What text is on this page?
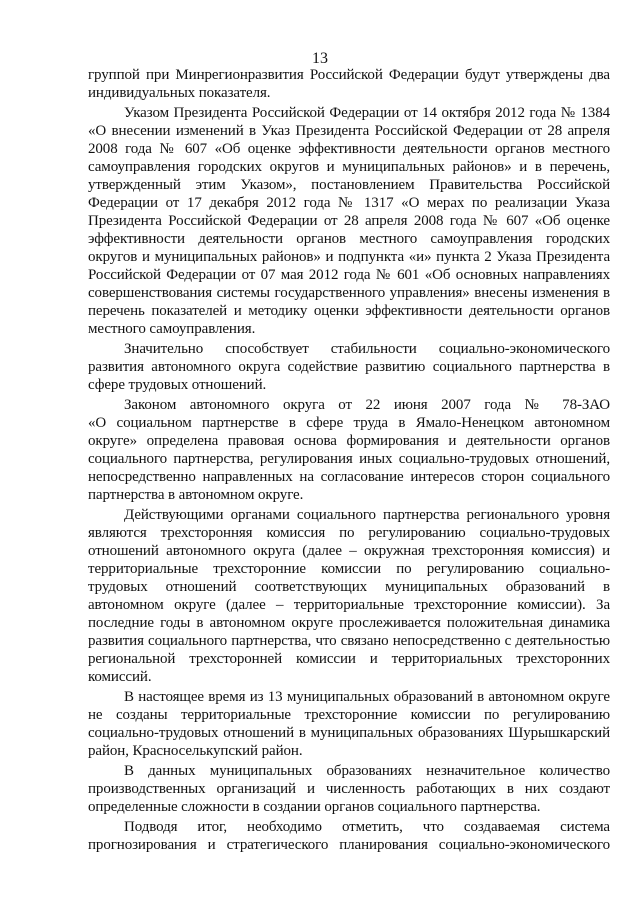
13
группой при Минрегионразвития Российской Федерации будут утверждены два
индивидуальных показателя.
Указом Президента Российской Федерации от 14 октября 2012 года № 1384
«О внесении изменений в Указ Президента Российской Федерации от 28 апреля
2008 года № 607 «Об оценке эффективности деятельности органов местного
самоуправления городских округов и муниципальных районов» и в перечень,
утвержденный этим Указом», постановлением Правительства Российской
Федерации от 17 декабря 2012 года № 1317 «О мерах по реализации Указа
Президента Российской Федерации от 28 апреля 2008 года № 607 «Об оценке
эффективности деятельности органов местного самоуправления городских
округов и муниципальных районов» и подпункта «и» пункта 2 Указа Президента
Российской Федерации от 07 мая 2012 года № 601 «Об основных направлениях
совершенствования системы государственного управления» внесены изменения в
перечень показателей и методику оценки эффективности деятельности органов
местного самоуправления.
Значительно способствует стабильности социально-экономического
развития автономного округа содействие развитию социального партнерства в
сфере трудовых отношений.
Законом автономного округа от 22 июня 2007 года № 78-ЗАО
«О социальном партнерстве в сфере труда в Ямало-Ненецком автономном
округе» определена правовая основа формирования и деятельности органов
социального партнерства, регулирования иных социально-трудовых отношений,
непосредственно направленных на согласование интересов сторон социального
партнерства в автономном округе.
Действующими органами социального партнерства регионального уровня
являются трехсторонняя комиссия по регулированию социально-трудовых
отношений автономного округа (далее – окружная трехсторонняя комиссия) и
территориальные трехсторонние комиссии по регулированию социально-
трудовых отношений соответствующих муниципальных образований в
автономном округе (далее – территориальные трехсторонние комиссии). За
последние годы в автономном округе прослеживается положительная динамика
развития социального партнерства, что связано непосредственно с деятельностью
региональной трехсторонней комиссии и территориальных трехсторонних
комиссий.
В настоящее время из 13 муниципальных образований в автономном округе
не созданы территориальные трехсторонние комиссии по регулированию
социально-трудовых отношений в муниципальных образованиях Шурышкарский
район, Красноселькупский район.
В данных муниципальных образованиях незначительное количество
производственных организаций и численность работающих в них создают
определенные сложности в создании органов социального партнерства.
Подводя итог, необходимо отметить, что создаваемая система
прогнозирования и стратегического планирования социально-экономического
